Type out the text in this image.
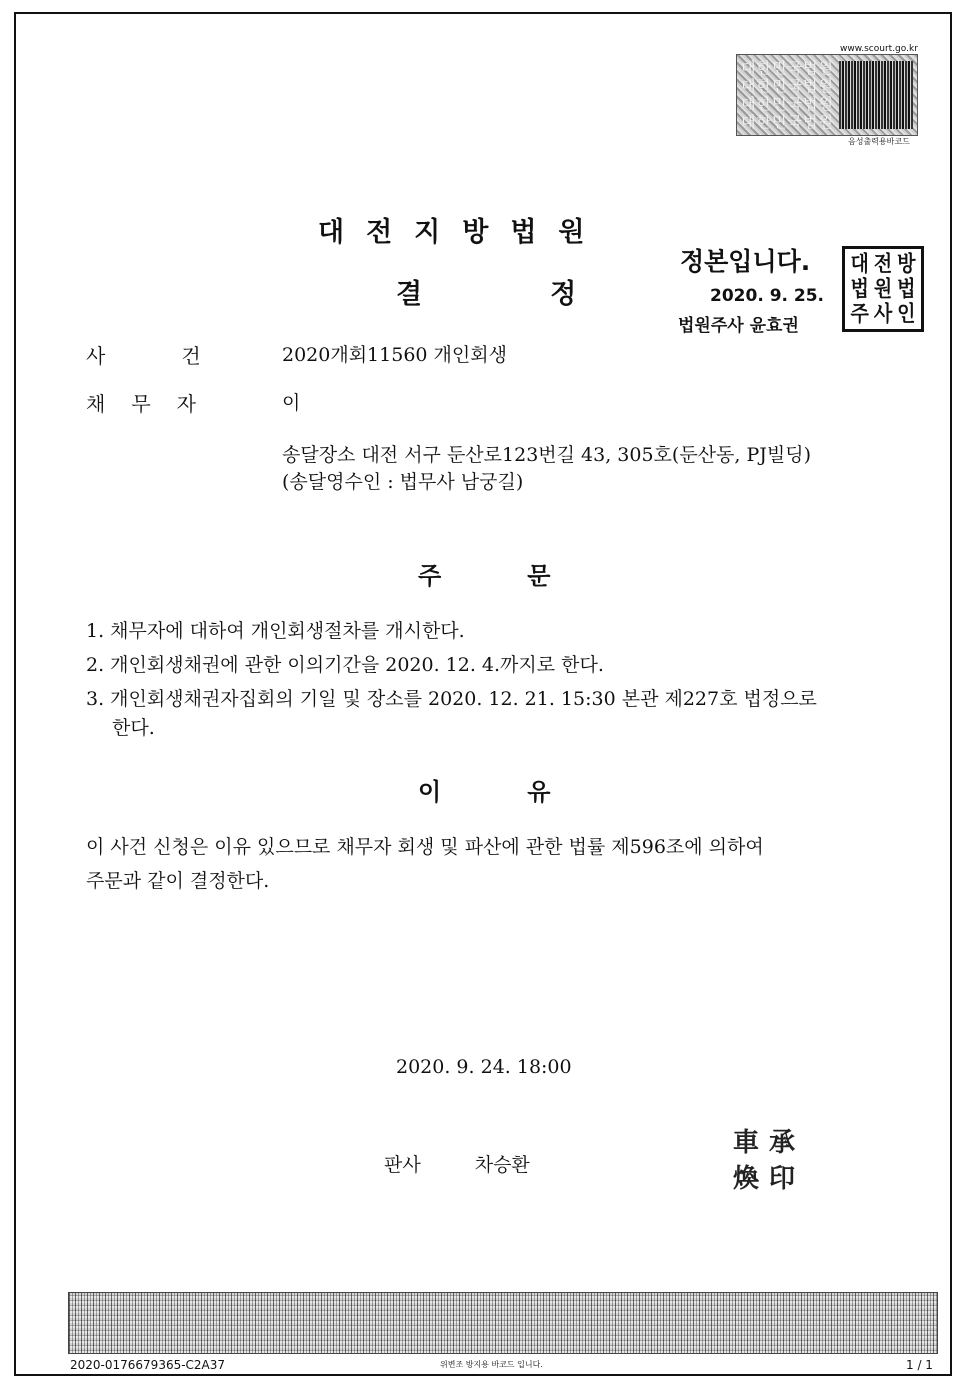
www.scourt.go.kr
대한민국법원
대한민국법원
대한민국법원
대한민국법원
음성출력용바코드
대전지방법원
결	정
정본입니다.
2020. 9. 25.
법원주사 윤효권
대 전 방
법 원 법
주 사 인
사	건	2020개회11560 개인회생
채 무 자	이
송달장소 대전 서구 둔산로123번길 43, 305호(둔산동, PJ빌딩)
(송달영수인 : 법무사 남궁길)
주	문
1. 채무자에 대하여 개인회생절차를 개시한다.
2. 개인회생채권에 관한 이의기간을 2020. 12. 4.까지로 한다.
3. 개인회생채권자집회의 기일 및 장소를 2020. 12. 21. 15:30 본관 제227호 법정으로
한다.
이	유
이 사건 신청은 이유 있으므로 채무자 회생 및 파산에 관한 법률 제596조에 의하여
주문과 같이 결정한다.
2020. 9. 24. 18:00
판사	차승환
車 承
煥 印
2020-0176679365-C2A37	위변조 방지용 바코드 입니다.	1 / 1
